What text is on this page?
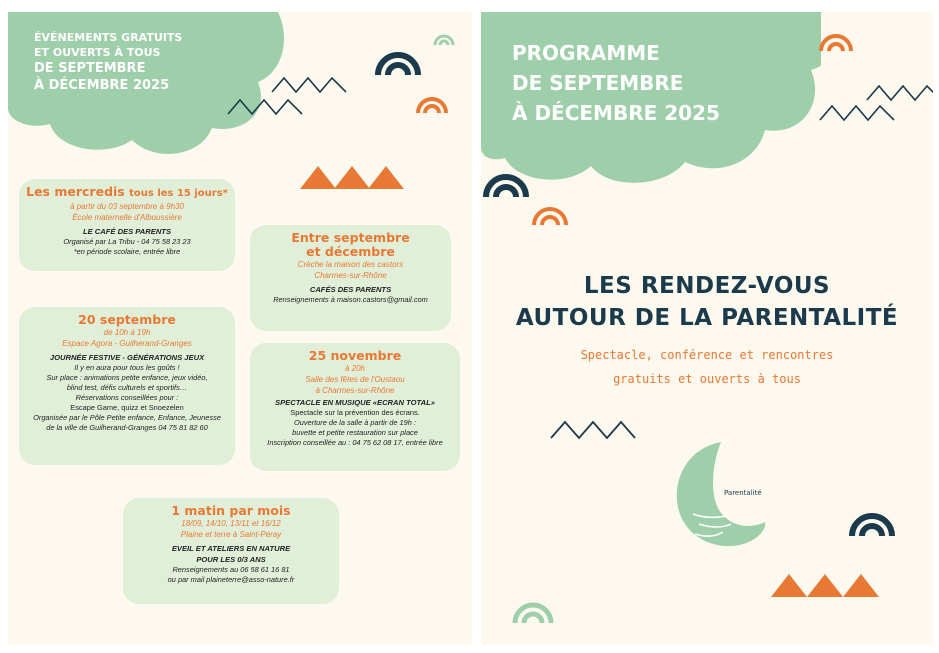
ÉVÉNEMENTS GRATUITS
ET OUVERTS À TOUS
DE SEPTEMBRE
À DÉCEMBRE 2025
Les mercredis tous les 15 jours*
à partir du 03 septembre à 9h30
École maternelle d'Alboussière
LE CAFÉ DES PARENTS
Organisé par La Tribu - 04 75 58 23 23
*en période scolaire, entrée libre
Entre septembre
et décembre
Crèche la maison des castors
Charmes-sur-Rhône
CAFÉS DES PARENTS
Renseignements à maison.castors@gmail.com
20 septembre
de 10h à 19h
Espace Agora - Guilherand-Granges
JOURNÉE FESTIVE - GÉNÉRATIONS JEUX
Il y en aura pour tous les goûts !
Sur place : animations petite enfance, jeux vidéo,
blind test, défis culturels et sportifs…
Réservations conseillées pour :
Escape Game, quizz et Snoezelen
Organisée par le Pôle Petite enfance, Enfance, Jeunesse
de la ville de Guilherand-Granges 04 75 81 82 60
25 novembre
à 20h
Salle des fêtes de l'Oustaou
à Charmes-sur-Rhône
SPECTACLE EN MUSIQUE «ECRAN TOTAL»
Spectacle sur la prévention des écrans.
Ouverture de la salle à partir de 19h :
buvette et petite restauration sur place
Inscription conseillée au : 04 75 62 08 17, entrée libre
1 matin par mois
18/09, 14/10, 13/11 et 16/12
Plaine et terre à Saint-Péray
EVEIL ET ATELIERS EN NATURE
POUR LES 0/3 ANS
Renseignements au 06 58 61 16 81
ou par mail plaineterre@asso-nature.fr
PROGRAMME
DE SEPTEMBRE
À DÉCEMBRE 2025
LES RENDEZ-VOUS
AUTOUR DE LA PARENTALITÉ
Spectacle, conférence et rencontres
gratuits et ouverts à tous
Parentalité
